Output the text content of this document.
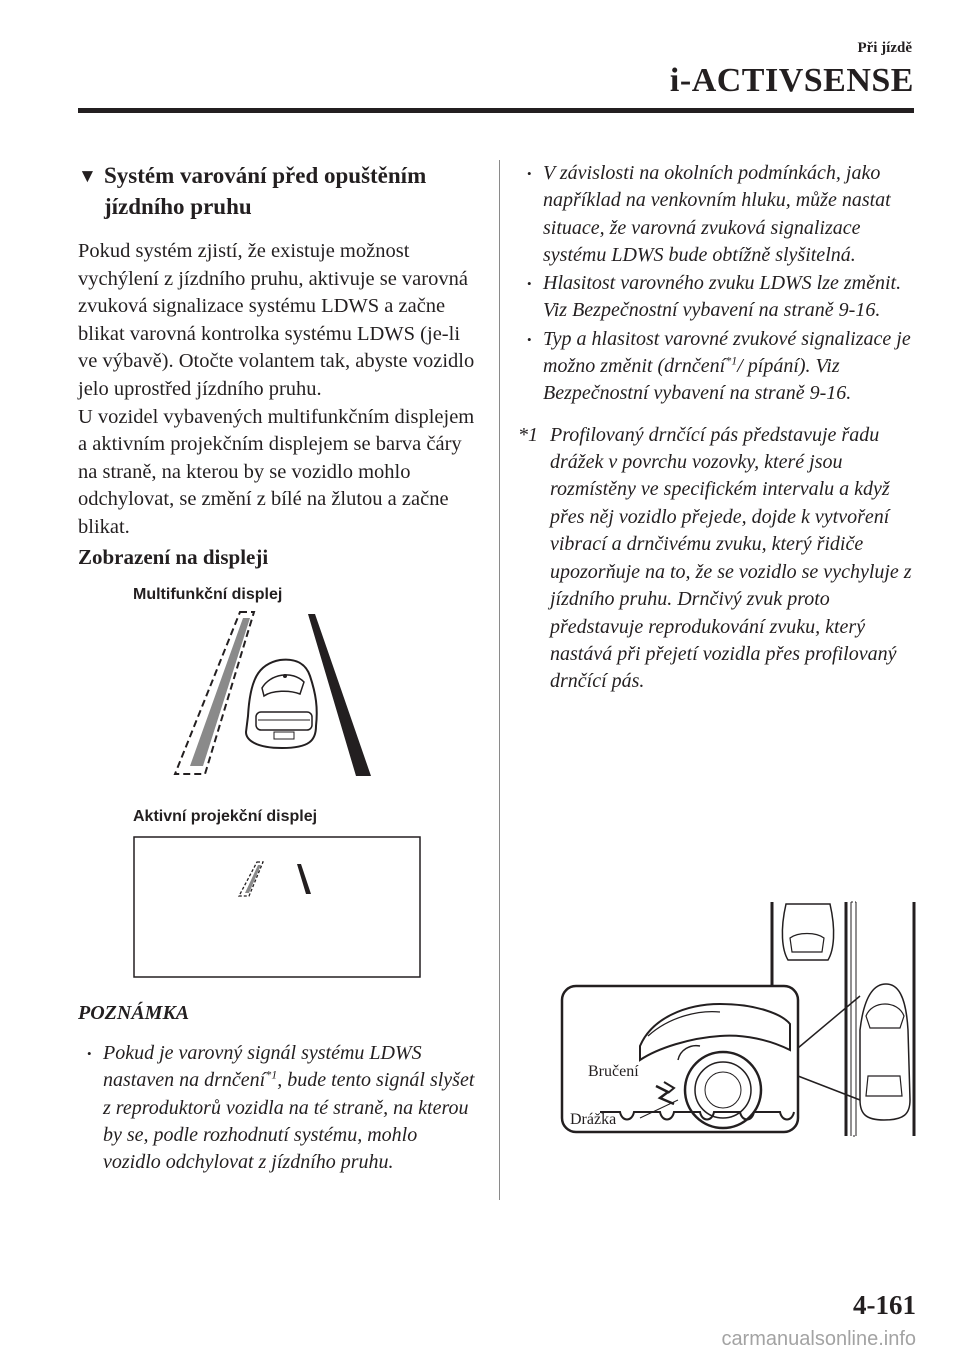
Při jízdě
i-ACTIVSENSE
▼ Systém varování před opuštěním jízdního pruhu

Pokud systém zjistí, že existuje možnost vychýlení z jízdního pruhu, aktivuje se varovná zvuková signalizace systému LDWS a začne blikat varovná kontrolka systému LDWS (je-li ve výbavě). Otočte volantem tak, abyste vozidlo jelo uprostřed jízdního pruhu.

U vozidel vybavených multifunkčním displejem a aktivním projekčním displejem se barva čáry na straně, na kterou by se vozidlo mohlo odchylovat, se změní z bílé na žlutou a začne blikat.

Zobrazení na displeji
Multifunkční displej
Aktivní projekční displej
POZNÁMKA
• Pokud je varovný signál systému LDWS nastaven na drnčení$^{*1}$, bude tento signál slyšet z reproduktorů vozidla na té straně, na kterou by se, podle rozhodnutí systému, mohlo vozidlo odchylovat z jízdního pruhu.
• V závislosti na okolních podmínkách, jako například na venkovním hluku, může nastat situace, že varovná zvuková signalizace systému LDWS bude obtížně slyšitelná.
• Hlasitost varovného zvuku LDWS lze změnit. Viz Bezpečnostní vybavení na straně 9-16.
• Typ a hlasitost varovné zvukové signalizace je možno změnit (drnčení$^{*1}$/ pípání). Viz Bezpečnostní vybavení na straně 9-16.
*1 Profilovaný drnčící pás představuje řadu drážek v povrchu vozovky, které jsou rozmístěny ve specifickém intervalu a když přes něj vozidlo přejede, dojde k vytvoření vibrací a drnčivému zvuku, který řidiče upozorňuje na to, že se vozidlo se vychyluje z jízdního pruhu. Drnčivý zvuk proto představuje reprodukování zvuku, který nastává při přejetí vozidla přes profilovaný drnčící pás.
Bručení
Drážka
4-161
carmanualsonline.info
